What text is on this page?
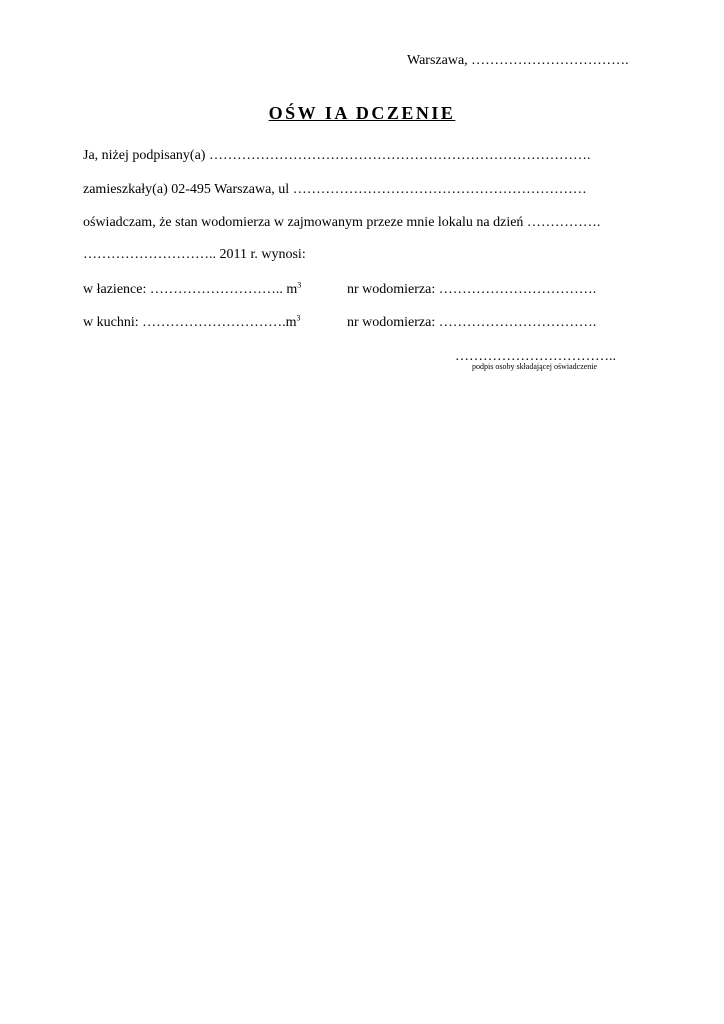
Warszawa, …………………………….
OŚW IA DCZENIE
Ja, niżej podpisany(a) ……………………………………………………………………….
zamieszkały(a) 02-495 Warszawa, ul ………………………………………………………
oświadczam, że stan wodomierza w zajmowanym przeze mnie lokalu na dzień …………….
……………………….. 2011 r. wynosi:
w łazience: ……………………….. $m^3$	nr wodomierza: …………………………….
w kuchni: $\dots\dots\dots\dots\dots\dots\dots\dots\dots\dots.m^3$	nr wodomierza: …………………………….
……………………………..
podpis osoby składającej oświadczenie
